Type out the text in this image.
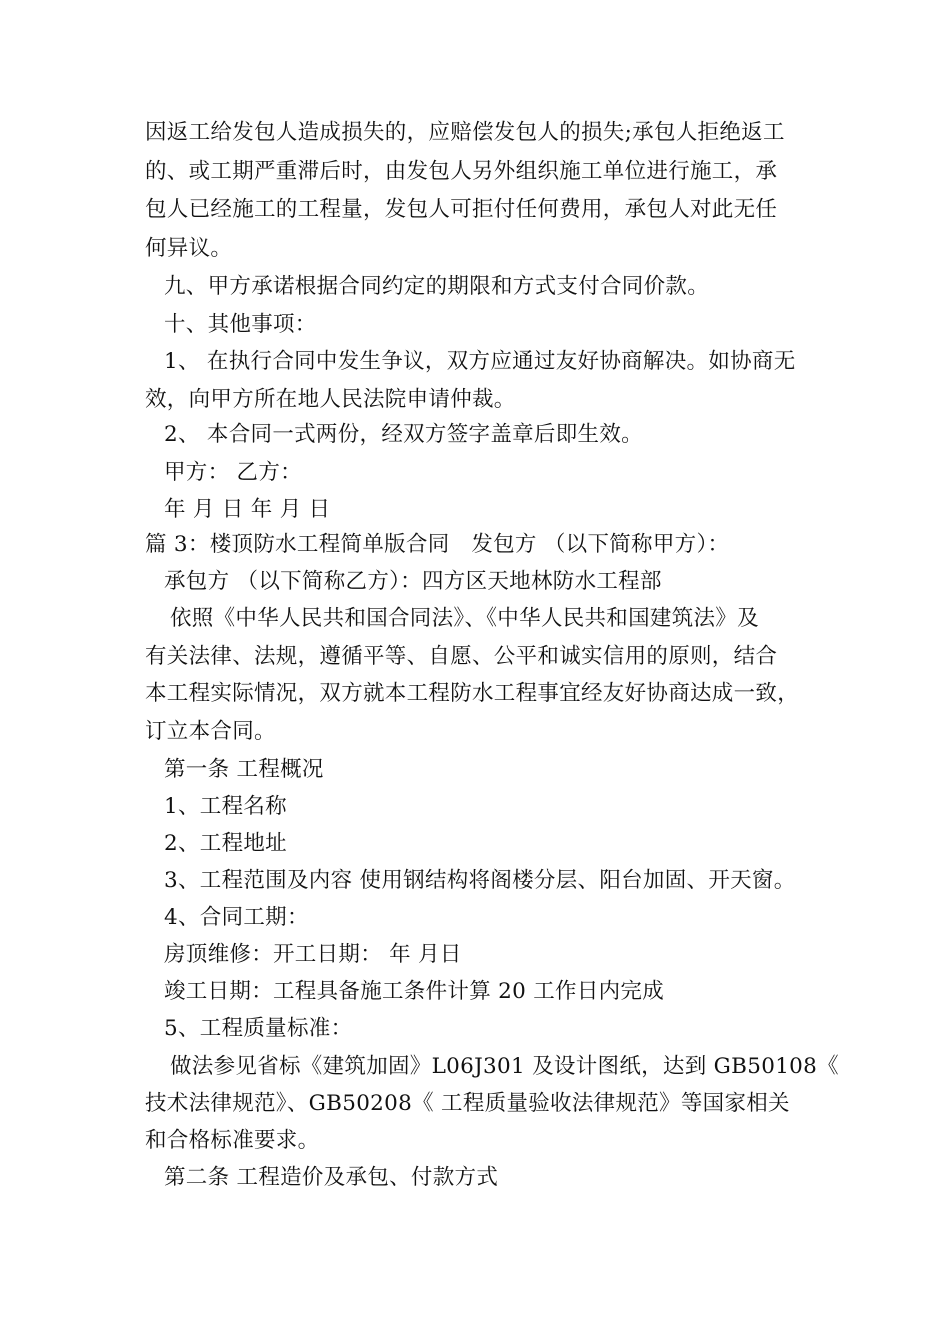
因返工给发包人造成损失的，应赔偿发包人的损失;承包人拒绝返工
的、或工期严重滞后时，由发包人另外组织施工单位进行施工，承
包人已经施工的工程量，发包人可拒付任何费用，承包人对此无任
何异议。
九、甲方承诺根据合同约定的期限和方式支付合同价款。
十、其他事项：
1、 在执行合同中发生争议，双方应通过友好协商解决。如协商无
效，向甲方所在地人民法院申请仲裁。
2、 本合同一式两份，经双方签字盖章后即生效。
甲方： 乙方：
年 月 日 年 月 日
篇 3：楼顶防水工程简单版合同　发包方 （以下简称甲方）：
承包方 （以下简称乙方）：四方区天地林防水工程部
依照《中华人民共和国合同法》、《中华人民共和国建筑法》及
有关法律、法规，遵循平等、自愿、公平和诚实信用的原则，结合
本工程实际情况，双方就本工程防水工程事宜经友好协商达成一致，
订立本合同。
第一条 工程概况
1、工程名称
2、工程地址
3、工程范围及内容 使用钢结构将阁楼分层、阳台加固、开天窗。
4、合同工期：
房顶维修：开工日期： 年 月日
竣工日期：工程具备施工条件计算 20 工作日内完成
5、工程质量标准：
做法参见省标《建筑加固》L06J301 及设计图纸，达到 GB50108《
技术法律规范》、GB50208《 工程质量验收法律规范》等国家相关
和合格标准要求。
第二条 工程造价及承包、付款方式
